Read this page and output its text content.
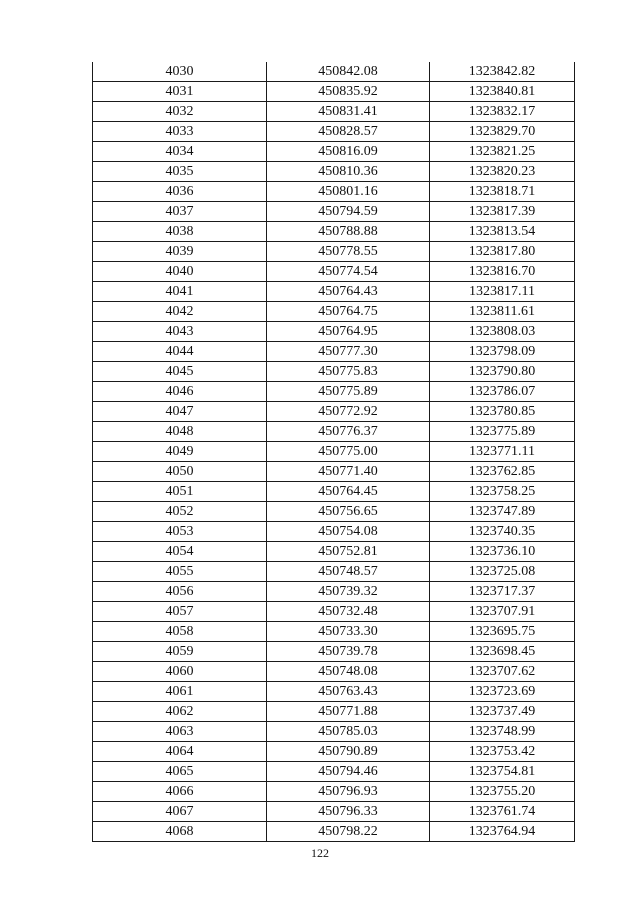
4030	450842.08	1323842.82
4031	450835.92	1323840.81
4032	450831.41	1323832.17
4033	450828.57	1323829.70
4034	450816.09	1323821.25
4035	450810.36	1323820.23
4036	450801.16	1323818.71
4037	450794.59	1323817.39
4038	450788.88	1323813.54
4039	450778.55	1323817.80
4040	450774.54	1323816.70
4041	450764.43	1323817.11
4042	450764.75	1323811.61
4043	450764.95	1323808.03
4044	450777.30	1323798.09
4045	450775.83	1323790.80
4046	450775.89	1323786.07
4047	450772.92	1323780.85
4048	450776.37	1323775.89
4049	450775.00	1323771.11
4050	450771.40	1323762.85
4051	450764.45	1323758.25
4052	450756.65	1323747.89
4053	450754.08	1323740.35
4054	450752.81	1323736.10
4055	450748.57	1323725.08
4056	450739.32	1323717.37
4057	450732.48	1323707.91
4058	450733.30	1323695.75
4059	450739.78	1323698.45
4060	450748.08	1323707.62
4061	450763.43	1323723.69
4062	450771.88	1323737.49
4063	450785.03	1323748.99
4064	450790.89	1323753.42
4065	450794.46	1323754.81
4066	450796.93	1323755.20
4067	450796.33	1323761.74
4068	450798.22	1323764.94
122
